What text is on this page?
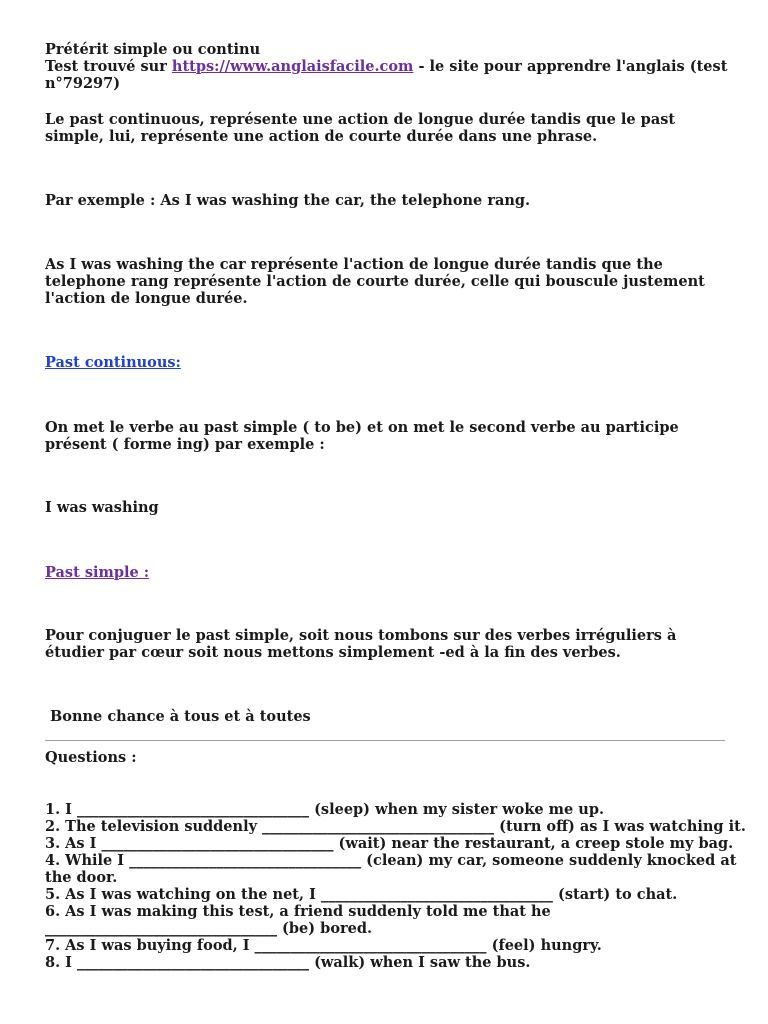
Prétérit simple ou continu
Test trouvé sur https://www.anglaisfacile.com - le site pour apprendre l'anglais (test n°79297)

Le past continuous, représente une action de longue durée tandis que le past simple, lui, représente une action de courte durée dans une phrase.

Par exemple : As I was washing the car, the telephone rang.

As I was washing the car représente l'action de longue durée tandis que the telephone rang représente l'action de courte durée, celle qui bouscule justement l'action de longue durée.

Past continuous:

On met le verbe au past simple ( to be) et on met le second verbe au participe présent ( forme ing) par exemple :

I was washing

Past simple :

Pour conjuguer le past simple, soit nous tombons sur des verbes irréguliers à étudier par cœur soit nous mettons simplement -ed à la fin des verbes.

Bonne chance à tous et à toutes

Questions :

1. I ________________________________ (sleep) when my sister woke me up.
2. The television suddenly ________________________________ (turn off) as I was watching it.
3. As I ________________________________ (wait) near the restaurant, a creep stole my bag.
4. While I ________________________________ (clean) my car, someone suddenly knocked at
the door.
5. As I was watching on the net, I ________________________________ (start) to chat.
6. As I was making this test, a friend suddenly told me that he
________________________________ (be) bored.
7. As I was buying food, I ________________________________ (feel) hungry.
8. I ________________________________ (walk) when I saw the bus.
